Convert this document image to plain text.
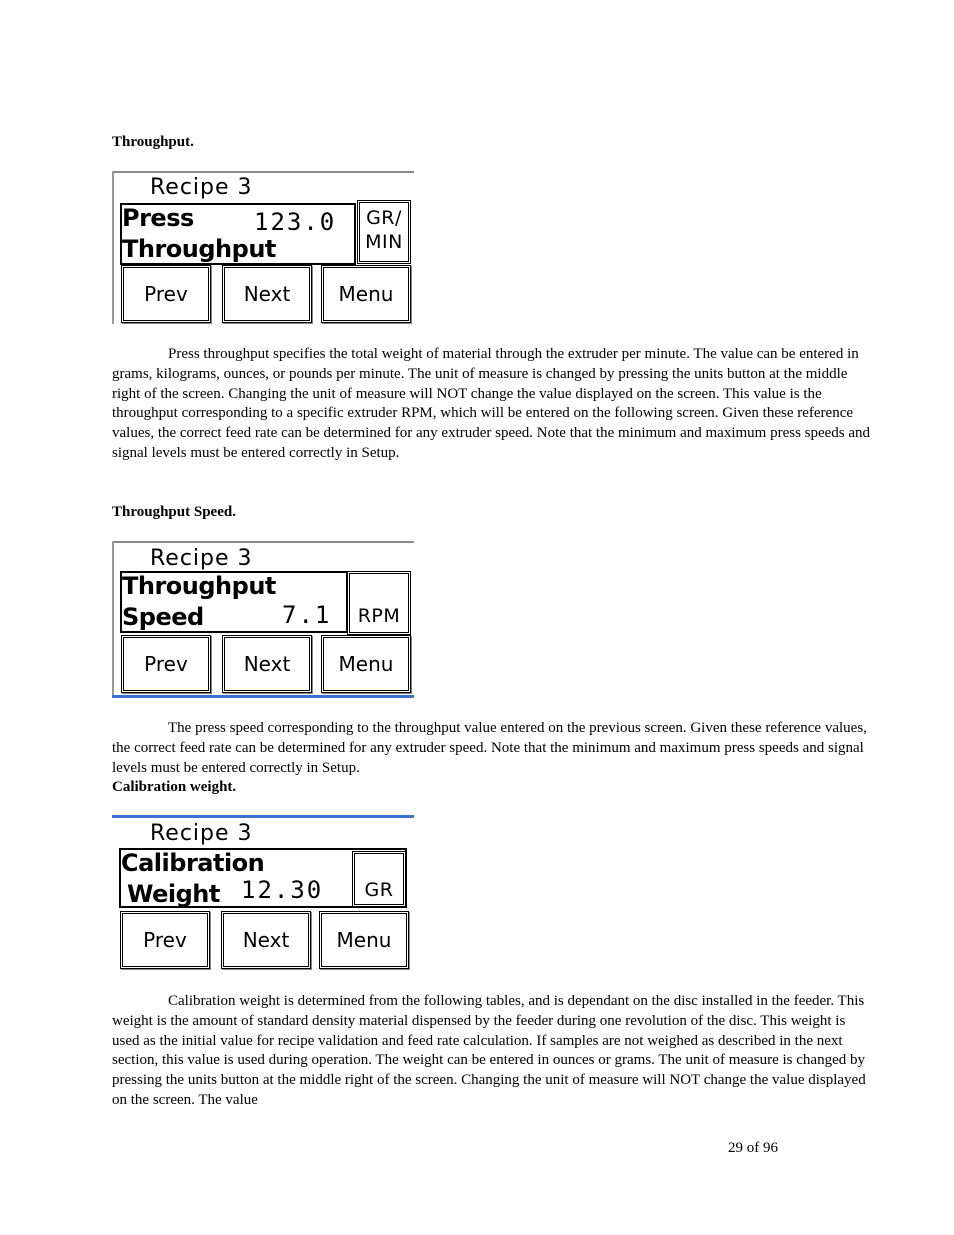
Throughput.
Recipe 3
Press
Throughput
123.0	GR/
MIN
Prev	Next	Menu

Press throughput specifies the total weight of material through the extruder per minute. The value can be entered in grams, kilograms, ounces, or pounds per minute. The unit of measure is changed by pressing the units button at the middle right of the screen. Changing the unit of measure will NOT change the value displayed on the screen. This value is the throughput corresponding to a specific extruder RPM, which will be entered on the following screen. Given these reference values, the correct feed rate can be determined for any extruder speed. Note that the minimum and maximum press speeds and signal levels must be entered correctly in Setup.

Throughput Speed.
Recipe 3
Throughput
Speed	7.1	RPM
Prev	Next	Menu

The press speed corresponding to the throughput value entered on the previous screen. Given these reference values, the correct feed rate can be determined for any extruder speed. Note that the minimum and maximum press speeds and signal levels must be entered correctly in Setup.

Calibration weight.
Recipe 3
Calibration
Weight 12.30	GR
Prev	Next	Menu

Calibration weight is determined from the following tables, and is dependant on the disc installed in the feeder. This weight is the amount of standard density material dispensed by the feeder during one revolution of the disc. This weight is used as the initial value for recipe validation and feed rate calculation. If samples are not weighed as described in the next section, this value is used during operation. The weight can be entered in ounces or grams. The unit of measure is changed by pressing the units button at the middle right of the screen. Changing the unit of measure will NOT change the value displayed on the screen. The value

29 of 96
